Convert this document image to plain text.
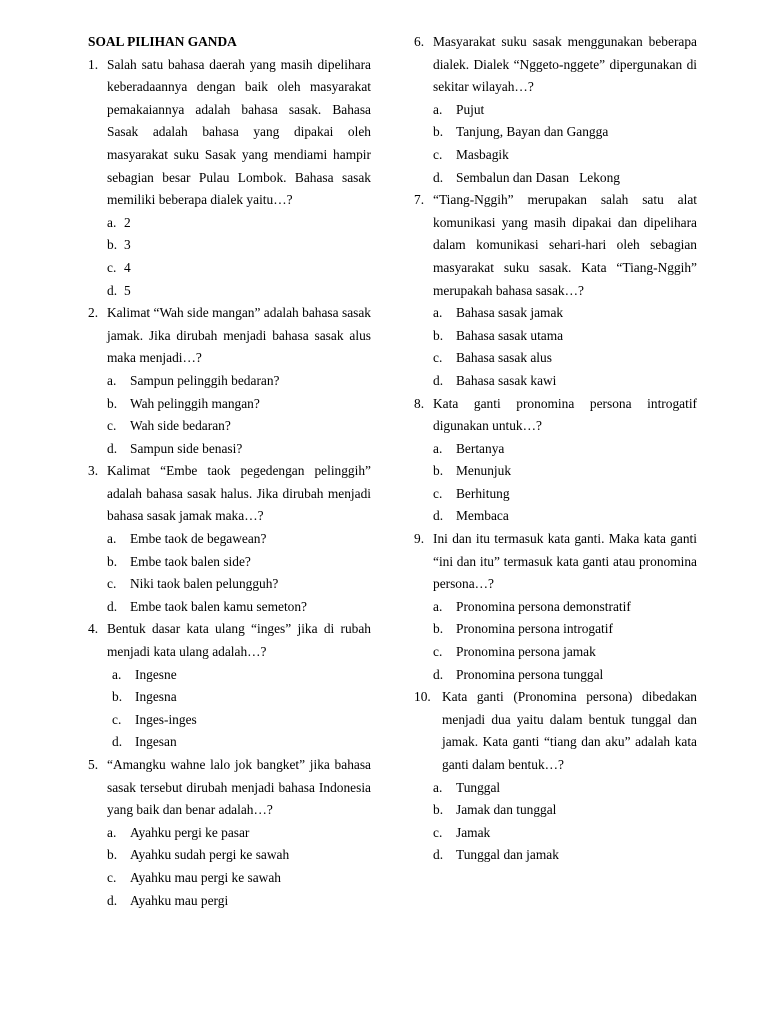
SOAL PILIHAN GANDA
1. Salah satu bahasa daerah yang masih dipelihara keberadaannya dengan baik oleh masyarakat pemakaiannya adalah bahasa sasak. Bahasa Sasak adalah bahasa yang dipakai oleh masyarakat suku Sasak yang mendiami hampir sebagian besar Pulau Lombok. Bahasa sasak memiliki beberapa dialek yaitu…?
a. 2
b. 3
c. 4
d. 5
2. Kalimat “Wah side mangan” adalah bahasa sasak jamak. Jika dirubah menjadi bahasa sasak alus maka menjadi…?
a.	Sampun pelinggih bedaran?
b. Wah pelinggih mangan?
c.	Wah side bedaran?
d. Sampun side benasi?
3. Kalimat “Embe taok pegedengan pelinggih” adalah bahasa sasak halus. Jika dirubah menjadi bahasa sasak jamak maka…?
a.	Embe taok de begawean?
b. Embe taok balen side?
c.	Niki taok balen pelungguh?
d. Embe taok balen kamu semeton?
4. Bentuk dasar kata ulang “inges” jika di rubah menjadi kata ulang adalah…?
a.	Ingesne
b. Ingesna
c.	Inges-inges
d. Ingesan
5. “Amangku wahne lalo jok bangket” jika bahasa sasak tersebut dirubah menjadi bahasa Indonesia yang baik dan benar adalah…?
a.	Ayahku pergi ke pasar
b. Ayahku sudah pergi ke sawah
c.	Ayahku mau pergi ke sawah
d. Ayahku mau pergi
6. Masyarakat suku sasak menggunakan beberapa dialek. Dialek “Nggeto-nggete” dipergunakan di sekitar wilayah…?
a.	Pujut
b. Tanjung, Bayan dan Gangga
c.	Masbagik
d. Sembalun dan Dasan   Lekong
7. “Tiang-Nggih” merupakan salah satu alat komunikasi yang masih dipakai dan dipelihara dalam komunikasi sehari-hari oleh sebagian masyarakat suku sasak. Kata “Tiang-Nggih” merupakah bahasa sasak…?
a.	Bahasa sasak jamak
b. Bahasa sasak utama
c.	Bahasa sasak alus
d. Bahasa sasak kawi
8. Kata ganti pronomina persona introgatif digunakan untuk…?
a.	Bertanya
b. Menunjuk
c.	Berhitung
d. Membaca
9. Ini dan itu termasuk kata ganti. Maka kata ganti “ini dan itu” termasuk kata ganti atau pronomina persona…?
a.	Pronomina persona demonstratif
b. Pronomina persona introgatif
c.	Pronomina persona jamak
d. Pronomina persona tunggal
10. Kata ganti (Pronomina persona) dibedakan menjadi dua yaitu dalam bentuk tunggal dan jamak. Kata ganti “tiang dan aku” adalah kata ganti dalam bentuk…?
a.	Tunggal
b. Jamak dan tunggal
c.	Jamak
d. Tunggal dan jamak
